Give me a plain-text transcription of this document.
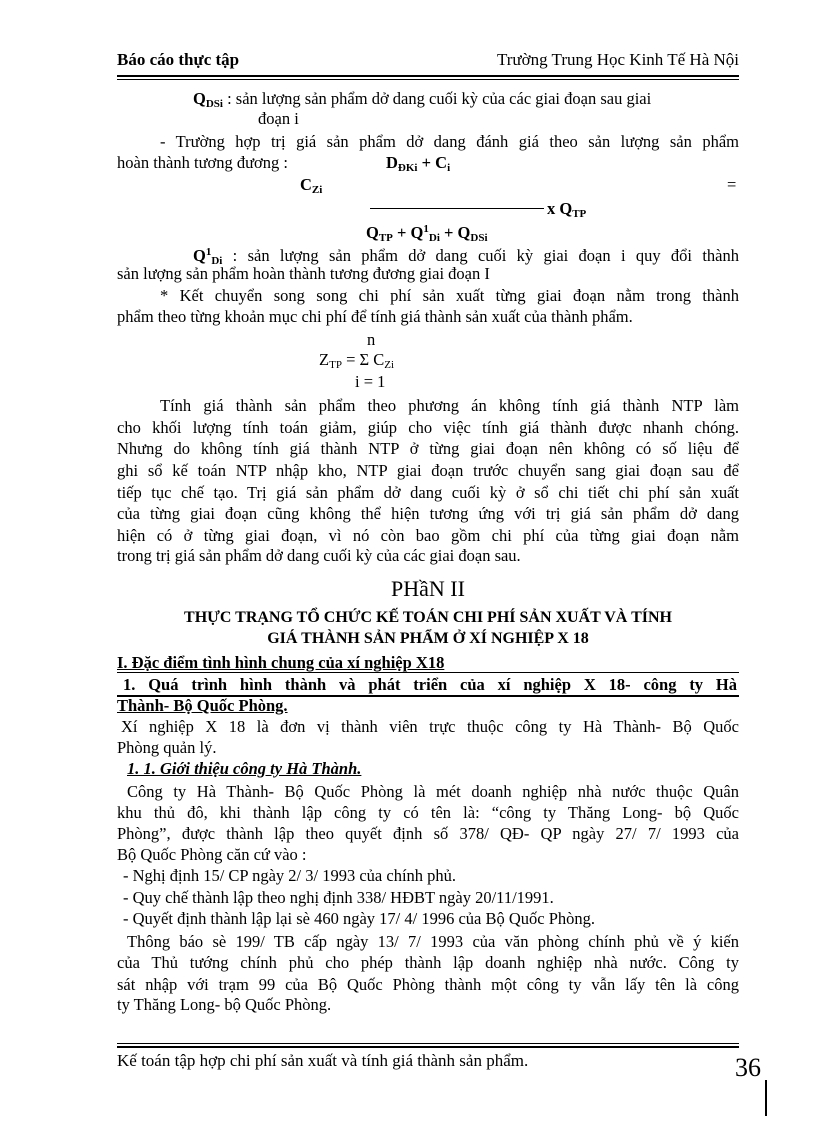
Báo cáo thực tập	Trường Trung Học Kinh Tế Hà Nội
$Q_{DSi}$ : sản lượng sản phẩm dở dang cuối kỳ của các giai đoạn sau giai
đoạn i
- Trường hợp trị giá sản phẩm dở dang đánh giá theo sản lượng sản phẩm
hoàn thành tương đương :	$D_{ĐKi} + C_i$
$C_{Zi}$	=
x $Q_{TP}$
$Q_{TP} + Q^1_{Di} + Q_{DSi}$
$Q^1_{Di}$ : sản lượng sản phẩm dở dang cuối kỳ giai đoạn i quy đổi thành
sản lượng sản phẩm hoàn thành tương đương giai đoạn I
* Kết chuyển song song chi phí sản xuất từng giai đoạn nằm trong thành
phẩm theo từng khoản mục chi phí để tính giá thành sản xuất của thành phẩm.
n
$Z_{TP} = \Sigma$ $C_{Zi}$
i = 1
Tính giá thành sản phẩm theo phương án không tính giá thành NTP làm
cho khối lượng tính toán giảm, giúp cho việc tính giá thành được nhanh chóng.
Nhưng do không tính giá thành NTP ở từng giai đoạn nên không có số liệu để
ghi sổ kế toán NTP nhập kho, NTP giai đoạn trước chuyển sang giai đoạn sau để
tiếp tục chế tạo. Trị giá sản phẩm dở dang cuối kỳ ở sổ chi tiết chi phí sản xuất
của từng giai đoạn cũng không thể hiện tương ứng với trị giá sản phẩm dở dang
hiện có ở từng giai đoạn, vì nó còn bao gồm chi phí của từng giai đoạn nằm
trong trị giá sản phẩm dở dang cuối kỳ của các giai đoạn sau.
PHầN II
THỰC TRẠNG TỔ CHỨC KẾ TOÁN CHI PHÍ SẢN XUẤT VÀ TÍNH
GIÁ THÀNH SẢN PHẨM Ở XÍ NGHIỆP X 18
I. Đặc điểm tình hình chung của xí nghiệp X18
1. Quá trình hình thành và phát triển của xí nghiệp X 18- công ty Hà
Thành- Bộ Quốc Phòng.
Xí nghiệp X 18 là đơn vị thành viên trực thuộc công ty Hà Thành- Bộ Quốc
Phòng quản lý.
1. 1. Giới thiệu công ty Hà Thành.
Công ty Hà Thành- Bộ Quốc Phòng là mét doanh nghiệp nhà nước thuộc Quân
khu thủ đô, khi thành lập công ty có tên là: “công ty Thăng Long- bộ Quốc
Phòng”, được thành lập theo quyết định số 378/ QĐ- QP ngày 27/ 7/ 1993 của
Bộ Quốc Phòng căn cứ vào :
- Nghị định 15/ CP ngày 2/ 3/ 1993 của chính phủ.
- Quy chế thành lập theo nghị định 338/ HĐBT ngày 20/11/1991.
- Quyết định thành lập lại sè 460 ngày 17/ 4/ 1996 của Bộ Quốc Phòng.
Thông báo sè 199/ TB cấp ngày 13/ 7/ 1993 của văn phòng chính phủ về ý kiến
của Thủ tướng chính phủ cho phép thành lập doanh nghiệp nhà nước. Công ty
sát nhập với trạm 99 của Bộ Quốc Phòng thành một công ty vẫn lấy tên là công
ty Thăng Long- bộ Quốc Phòng.
Kế toán tập hợp chi phí sản xuất và tính giá thành sản phẩm.	36
